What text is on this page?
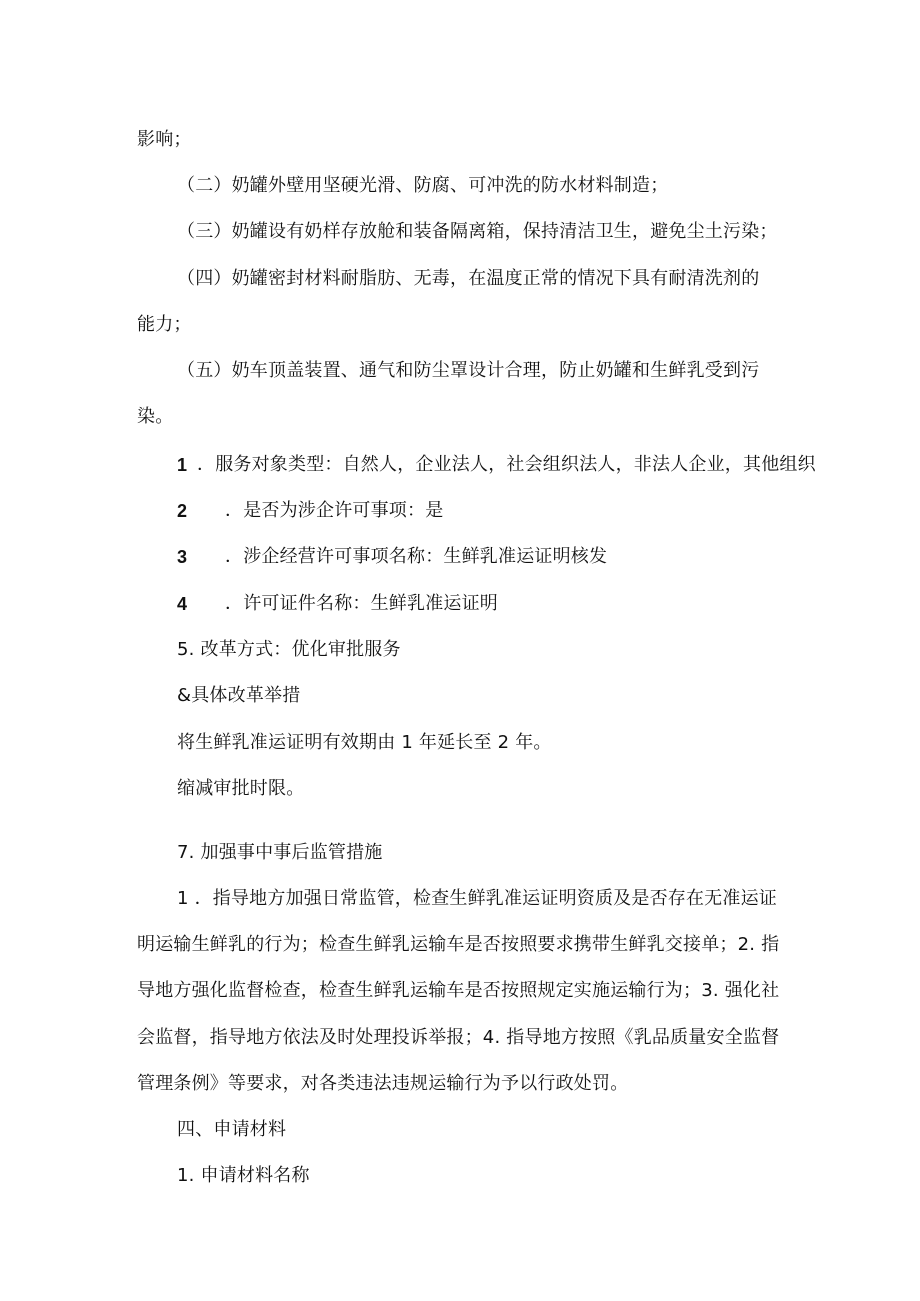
影响；
（二）奶罐外壁用坚硬光滑、防腐、可冲洗的防水材料制造；
（三）奶罐设有奶样存放舱和装备隔离箱，保持清洁卫生，避免尘土污染；
（四）奶罐密封材料耐脂肪、无毒，在温度正常的情况下具有耐清洗剂的
能力；
（五）奶车顶盖装置、通气和防尘罩设计合理，防止奶罐和生鲜乳受到污
染。
1 ．服务对象类型：自然人，企业法人，社会组织法人，非法人企业，其他组织
2 ．是否为涉企许可事项：是
3 ．涉企经营许可事项名称：生鲜乳准运证明核发
4 ．许可证件名称：生鲜乳准运证明
5. 改革方式：优化审批服务
&具体改革举措
将生鲜乳准运证明有效期由 1 年延长至 2 年。
缩减审批时限。
7. 加强事中事后监管措施
1 ．指导地方加强日常监管，检查生鲜乳准运证明资质及是否存在无准运证
明运输生鲜乳的行为；检查生鲜乳运输车是否按照要求携带生鲜乳交接单；2. 指
导地方强化监督检查，检查生鲜乳运输车是否按照规定实施运输行为；3. 强化社
会监督，指导地方依法及时处理投诉举报；4. 指导地方按照《乳品质量安全监督
管理条例》等要求，对各类违法违规运输行为予以行政处罚。
四、申请材料
1. 申请材料名称
